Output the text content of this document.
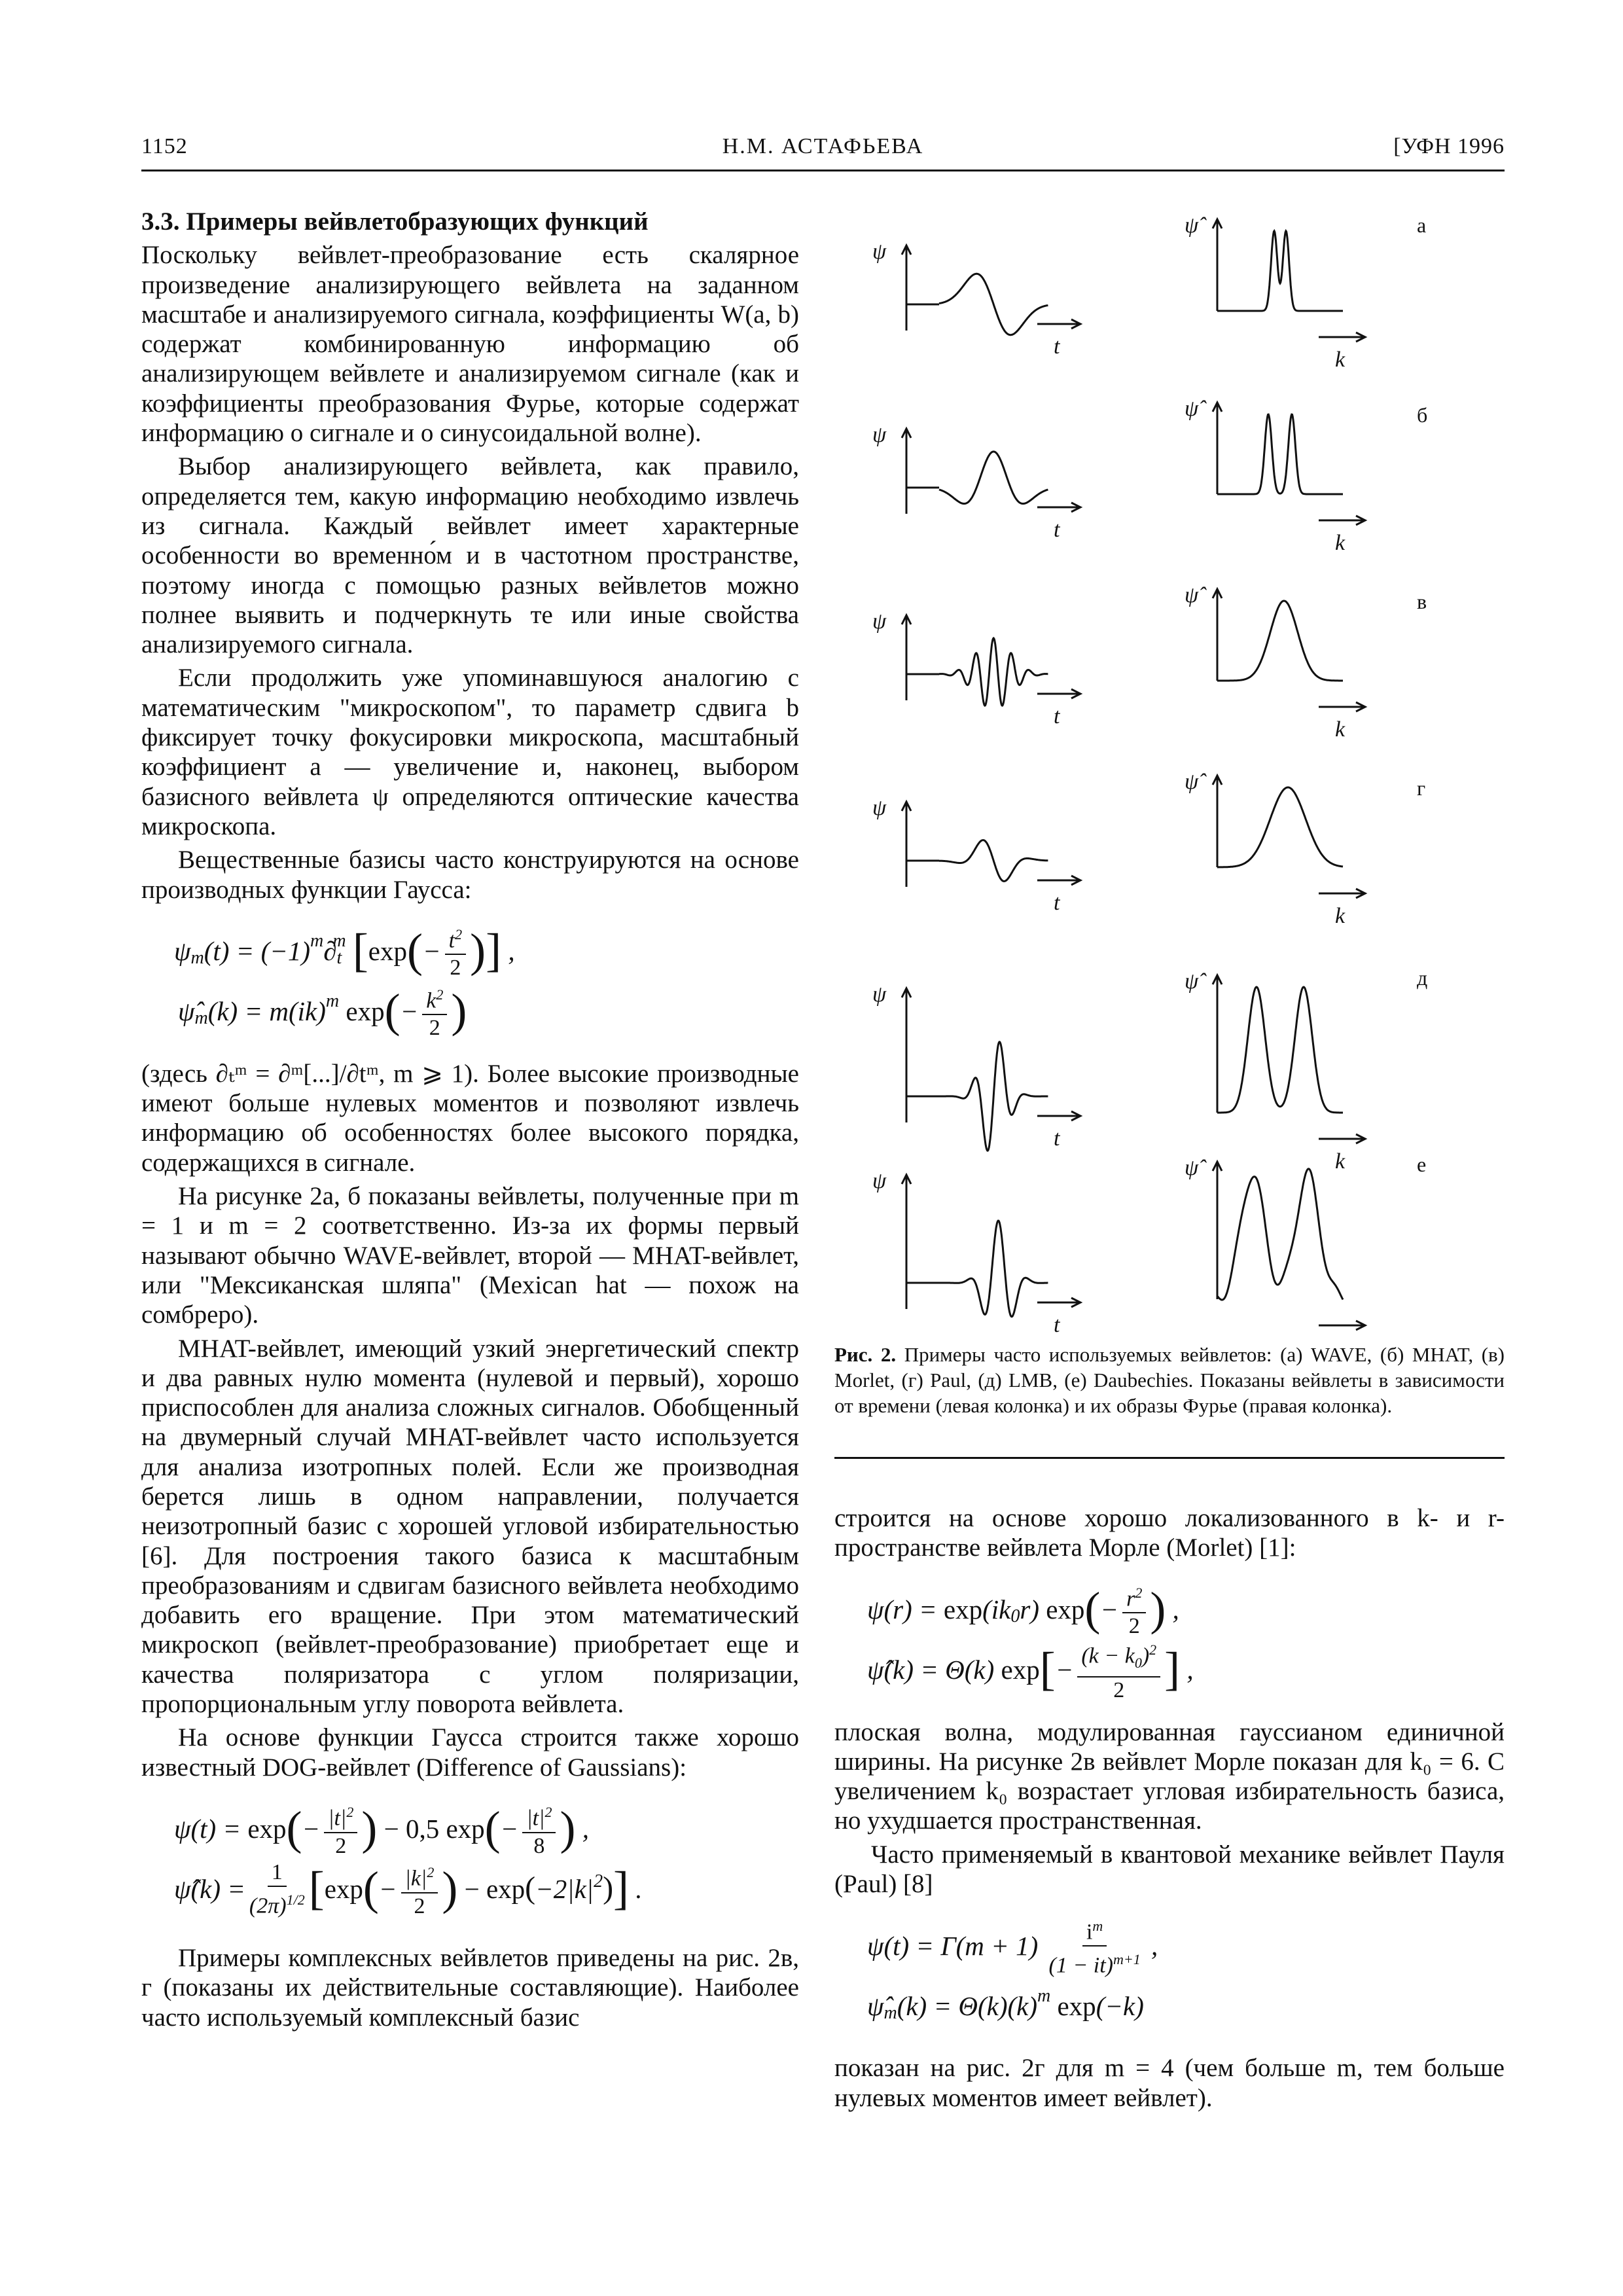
1152	Н.М. АСТАФЬЕВА	[УФН 1996

3.3. Примеры вейвлетобразующих функций

Поскольку вейвлет-преобразование есть скалярное произведение анализирующего вейвлета на заданном масштабе и анализируемого сигнала, коэффициенты W(a, b) содержат комбинированную информацию об анализирующем вейвлете и анализируемом сигнале (как и коэффициенты преобразования Фурье, которые содержат информацию о сигнале и о синусоидальной волне).

Выбор анализирующего вейвлета, как правило, определяется тем, какую информацию необходимо извлечь из сигнала. Каждый вейвлет имеет характерные особенности во временно́м и в частотном пространстве, поэтому иногда с помощью разных вейвлетов можно полнее выявить и подчеркнуть те или иные свойства анализируемого сигнала.

Если продолжить уже упоминавшуюся аналогию с математическим "микроскопом", то параметр сдвига b фиксирует точку фокусировки микроскопа, масштабный коэффициент a — увеличение и, наконец, выбором базисного вейвлета ψ определяются оптические качества микроскопа.

Вещественные базисы часто конструируются на основе производных функции Гаусса:

ψ m (t) = (−1) m ∂ t
m
[ exp ( − $\frac{t^2}{2}$ ) ] ,
ψ̂ m (k) = m(ik) m exp ( − $\frac{k^2}{2}$ )

(здесь ∂ₜᵐ = ∂ᵐ[...]/∂tᵐ, m ⩾ 1). Более высокие производные имеют больше нулевых моментов и позволяют извлечь информацию об особенностях более высокого порядка, содержащихся в сигнале.

На рисунке 2а, б показаны вейвлеты, полученные при m = 1 и m = 2 соответственно. Из-за их формы первый называют обычно WAVE-вейвлет, второй — MHAT-вейвлет, или "Мексиканская шляпа" (Mexican hat — похож на сомбреро).

MHAT-вейвлет, имеющий узкий энергетический спектр и два равных нулю момента (нулевой и первый), хорошо приспособлен для анализа сложных сигналов. Обобщенный на двумерный случай MHAT-вейвлет часто используется для анализа изотропных полей. Если же производная берется лишь в одном направлении, получается неизотропный базис с хорошей угловой избирательностью [6]. Для построения такого базиса к масштабным преобразованиям и сдвигам базисного вейвлета необходимо добавить его вращение. При этом математический микроскоп (вейвлет-преобразование) приобретает еще и качества поляризатора с углом поляризации, пропорциональным углу поворота вейвлета.

На основе функции Гаусса строится также хорошо известный DOG-вейвлет (Difference of Gaussians):

ψ(t) = exp ( − $\frac{|t|^2}{2}$ )
− 0,5 exp ( − $\frac{|t|^2}{8}$ ) ,
ψ̂(k) = $\frac{1}{(2\pi)^{1/2}}$ [ exp ( − $\frac{|k|^2}{2}$ )
− exp ( −2|k| 2 ) ] .

Примеры комплексных вейвлетов приведены на рис. 2в, г (показаны их действительные составляющие). Наиболее часто используемый комплексный базис

ψ
t
ψ̂
k
а
ψ
t
ψ̂
k
б
ψ
t
ψ̂
k
в
ψ
t
ψ̂
k
г
ψ
t
ψ̂
k
д
ψ
t
ψ̂	е
Рис. 2. Примеры часто используемых вейвлетов: (а) WAVE, (б) MHAT, (в) Morlet, (г) Paul, (д) LMB, (е) Daubechies. Показаны вейвлеты в зависимости от времени (левая колонка) и их образы Фурье (правая колонка).

строится на основе хорошо локализованного в k- и r-пространстве вейвлета Морле (Morlet) [1]:

ψ(r) = exp (ik 0 r) exp ( − $\frac{r^2}{2}$ ) ,
ψ̂(k) = Θ(k) exp [ − $\frac{(k - k_0)^2}{2}$ ] ,

плоская волна, модулированная гауссианом единичной ширины. На рисунке 2в вейвлет Морле показан для k₀ = 6. С увеличением k₀ возрастает угловая избирательность базиса, но ухудшается пространственная.

Часто применяемый в квантовой механике вейвлет Пауля (Paul) [8]

$\psi(t) = \Gamma(m + 1) \frac{i^m}{(1 - it)^{m+1}}$ ,
ψ̂ m (k) = Θ(k)(k) m exp (−k)

показан на рис. 2г для m = 4 (чем больше m, тем больше нулевых моментов имеет вейвлет).
